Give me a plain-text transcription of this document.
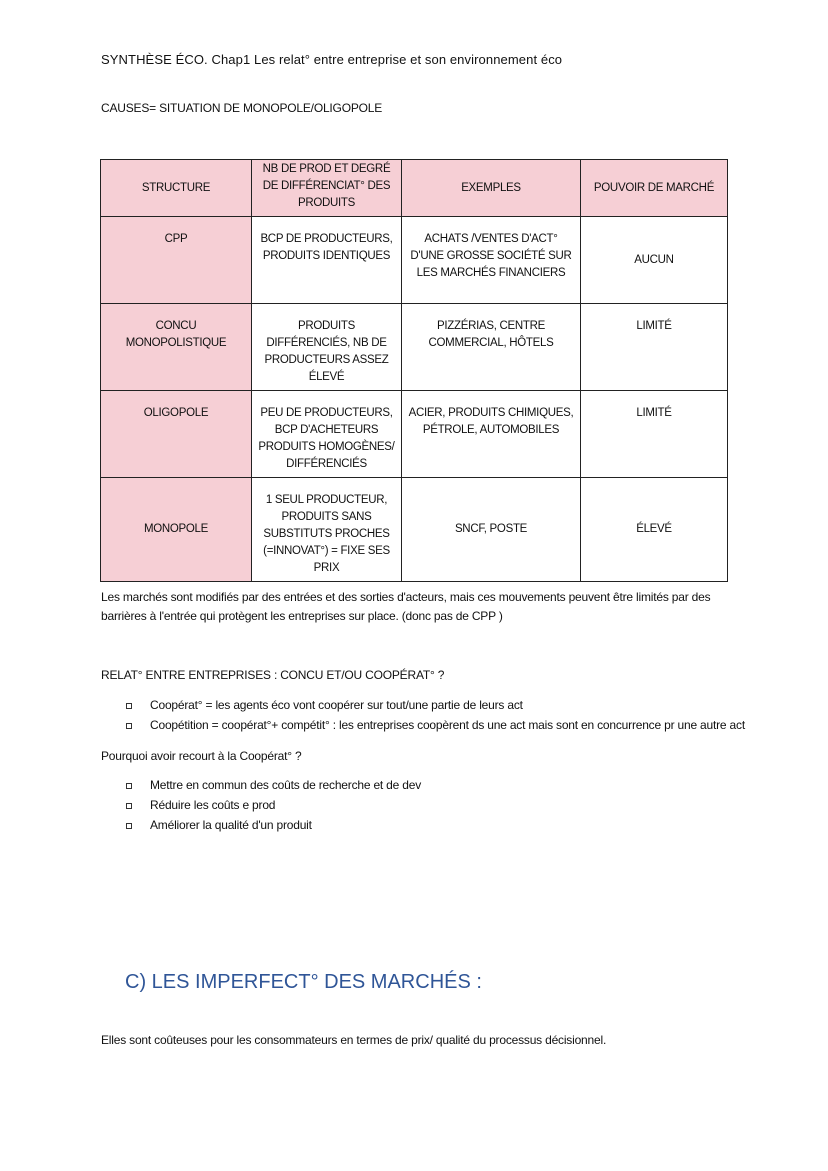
SYNTHÈSE ÉCO. Chap1 Les relat° entre entreprise et son environnement éco
CAUSES= SITUATION DE MONOPOLE/OLIGOPOLE
STRUCTURE	NB DE PROD ET DEGRÉ DE DIFFÉRENCIAT° DES PRODUITS	EXEMPLES	POUVOIR DE MARCHÉ
CPP	BCP DE PRODUCTEURS, PRODUITS IDENTIQUES	ACHATS /VENTES D'ACT° D'UNE GROSSE SOCIÉTÉ SUR LES MARCHÉS FINANCIERS	AUCUN
CONCU MONOPOLISTIQUE	PRODUITS DIFFÉRENCIÉS, NB DE PRODUCTEURS ASSEZ ÉLEVÉ	PIZZÉRIAS, CENTRE COMMERCIAL, HÔTELS	LIMITÉ
OLIGOPOLE	PEU DE PRODUCTEURS, BCP D'ACHETEURS PRODUITS HOMOGÈNES/ DIFFÉRENCIÉS	ACIER, PRODUITS CHIMIQUES, PÉTROLE, AUTOMOBILES	LIMITÉ
MONOPOLE	1 SEUL PRODUCTEUR, PRODUITS SANS SUBSTITUTS PROCHES (=INNOVAT°) = FIXE SES PRIX	SNCF, POSTE	ÉLEVÉ
Les marchés sont modifiés par des entrées et des sorties d'acteurs, mais ces mouvements peuvent être limités par des barrières à l'entrée qui protègent les entreprises sur place. (donc pas de CPP )
RELAT° ENTRE ENTREPRISES : CONCU ET/OU COOPÉRAT° ?
Coopérat° = les agents éco vont coopérer sur tout/une partie de leurs act
Coopétition = coopérat°+ compétit° : les entreprises coopèrent ds une act mais sont en concurrence pr une autre act
Pourquoi avoir recourt à la Coopérat° ?
Mettre en commun des coûts de recherche et de dev
Réduire les coûts e prod
Améliorer la qualité d'un produit
C) LES IMPERFECT° DES MARCHÉS :
Elles sont coûteuses pour les consommateurs en termes de prix/ qualité du processus décisionnel.
